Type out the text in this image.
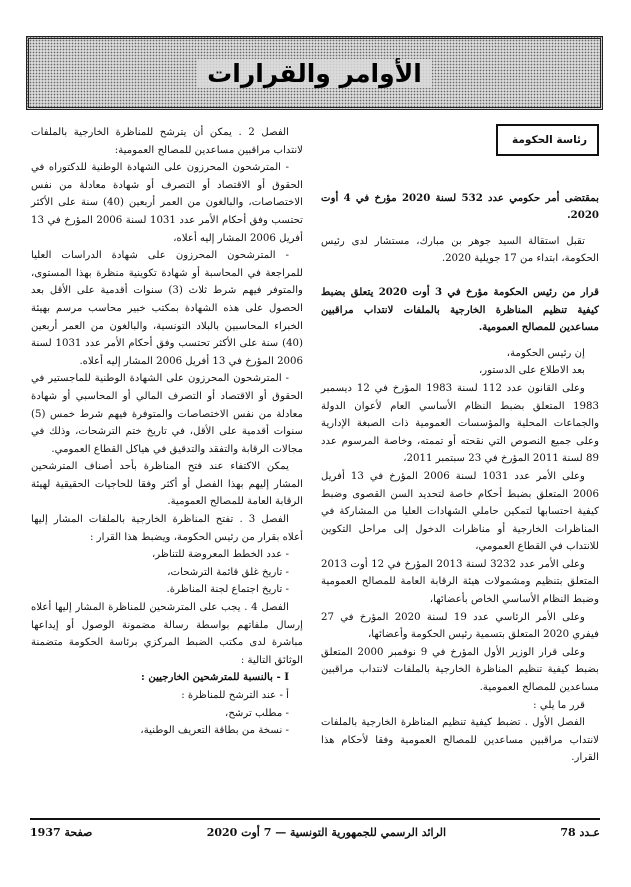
الأوامر والقرارات
رئاسة الحكومة

بمقتضى أمر حكومي عدد 532 لسنة 2020 مؤرخ في 4 أوت 2020.

تقبل استقالة السيد جوهر بن مبارك، مستشار لدى رئيس الحكومة، ابتداء من 17 جويلية 2020.

قرار من رئيس الحكومة مؤرخ في 3 أوت 2020 يتعلق بضبط كيفية تنظيم المناظرة الخارجية بالملفات لانتداب مراقبين مساعدين للمصالح العمومية.

إن رئيس الحكومة،

بعد الاطلاع على الدستور،

وعلى القانون عدد 112 لسنة 1983 المؤرخ في 12 ديسمبر 1983 المتعلق بضبط النظام الأساسي العام لأعوان الدولة والجماعات المحلية والمؤسسات العمومية ذات الصبغة الإدارية وعلى جميع النصوص التي نقحته أو تممته، وخاصة المرسوم عدد 89 لسنة 2011 المؤرخ في 23 سبتمبر 2011،

وعلى الأمر عدد 1031 لسنة 2006 المؤرخ في 13 أفريل 2006 المتعلق بضبط أحكام خاصة لتحديد السن القصوى وضبط كيفية احتسابها لتمكين حاملي الشهادات العليا من المشاركة في المناظرات الخارجية أو مناظرات الدخول إلى مراحل التكوين للانتداب في القطاع العمومي،

وعلى الأمر عدد 3232 لسنة 2013 المؤرخ في 12 أوت 2013 المتعلق بتنظيم ومشمولات هيئة الرقابة العامة للمصالح العمومية وضبط النظام الأساسي الخاص بأعضائها،

وعلى الأمر الرئاسي عدد 19 لسنة 2020 المؤرخ في 27 فيفري 2020 المتعلق بتسمية رئيس الحكومة وأعضائها،

وعلى قرار الوزير الأول المؤرخ في 9 نوفمبر 2000 المتعلق بضبط كيفية تنظيم المناظرة الخارجية بالملفات لانتداب مراقبين مساعدين للمصالح العمومية.

قرر ما يلي :

الفصل الأول . تضبط كيفية تنظيم المناظرة الخارجية بالملفات لانتداب مراقبين مساعدين للمصالح العمومية وفقا لأحكام هذا القرار.

الفصل 2 . يمكن أن يترشح للمناظرة الخارجية بالملفات لانتداب مراقبين مساعدين للمصالح العمومية:

- المترشحون المحرزون على الشهادة الوطنية للدكتوراه في الحقوق أو الاقتصاد أو التصرف أو شهادة معادلة من نفس الاختصاصات، والبالغون من العمر أربعين (40) سنة على الأكثر تحتسب وفق أحكام الأمر عدد 1031 لسنة 2006 المؤرخ في 13 أفريل 2006 المشار إليه أعلاه،

- المترشحون المحرزون على شهادة الدراسات العليا للمراجعة في المحاسبة أو شهادة تكوينية منظرة بهذا المستوى، والمتوفر فيهم شرط ثلاث (3) سنوات أقدمية على الأقل بعد الحصول على هذه الشهادة بمكتب خبير محاسب مرسم بهيئة الخبراء المحاسبين بالبلاد التونسية، والبالغون من العمر أربعين (40) سنة على الأكثر تحتسب وفق أحكام الأمر عدد 1031 لسنة 2006 المؤرخ في 13 أفريل 2006 المشار إليه أعلاه.

- المترشحون المحرزون على الشهادة الوطنية للماجستير في الحقوق أو الاقتصاد أو التصرف المالي أو المحاسبي أو شهادة معادلة من نفس الاختصاصات والمتوفرة فيهم شرط خمس (5) سنوات أقدمية على الأقل، في تاريخ ختم الترشحات، وذلك في مجالات الرقابة والتفقد والتدقيق في هياكل القطاع العمومي.

يمكن الاكتفاء عند فتح المناظرة بأحد أصناف المترشحين المشار إليهم بهذا الفصل أو أكثر وفقا للحاجيات الحقيقية لهيئة الرقابة العامة للمصالح العمومية.

الفصل 3 . تفتح المناظرة الخارجية بالملفات المشار إليها أعلاه بقرار من رئيس الحكومة، ويضبط هذا القرار :

- عدد الخطط المعروضة للتناظر،

- تاريخ غلق قائمة الترشحات،

- تاريخ اجتماع لجنة المناظرة.

الفصل 4 . يجب على المترشحين للمناظرة المشار إليها أعلاه إرسال ملفاتهم بواسطة رسالة مضمونة الوصول أو إيداعها مباشرة لدى مكتب الضبط المركزي برئاسة الحكومة متضمنة الوثائق التالية :

I - بالنسبة للمترشحين الخارجيين :

أ - عند الترشح للمناظرة :

- مطلب ترشح،

- نسخة من بطاقة التعريف الوطنية،

عـدد 78
الرائد الرسمي للجمهورية التونسية — 7 أوت 2020
صفحة 1937
